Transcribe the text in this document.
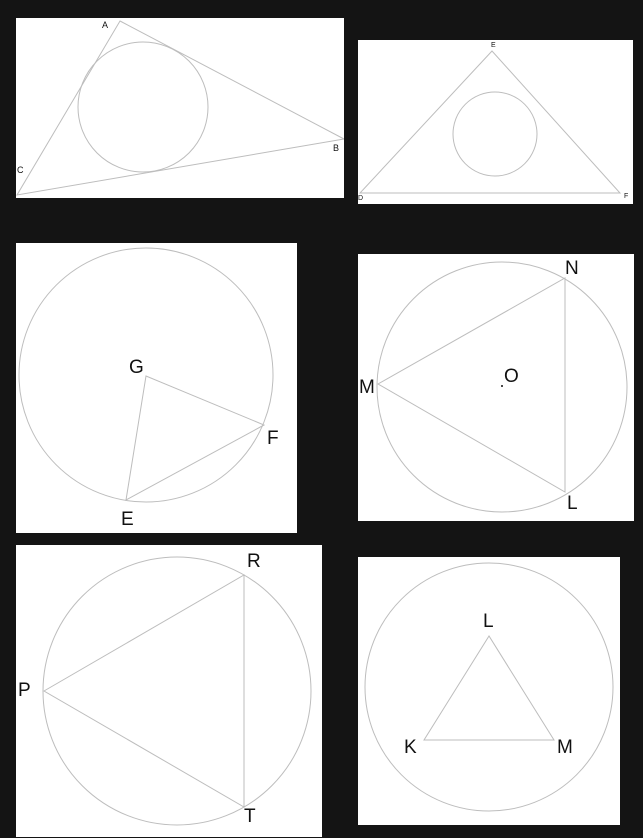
A
B
C
E
D	F
G
F
E
N
M
O
L
R
P
T
L
K	M
